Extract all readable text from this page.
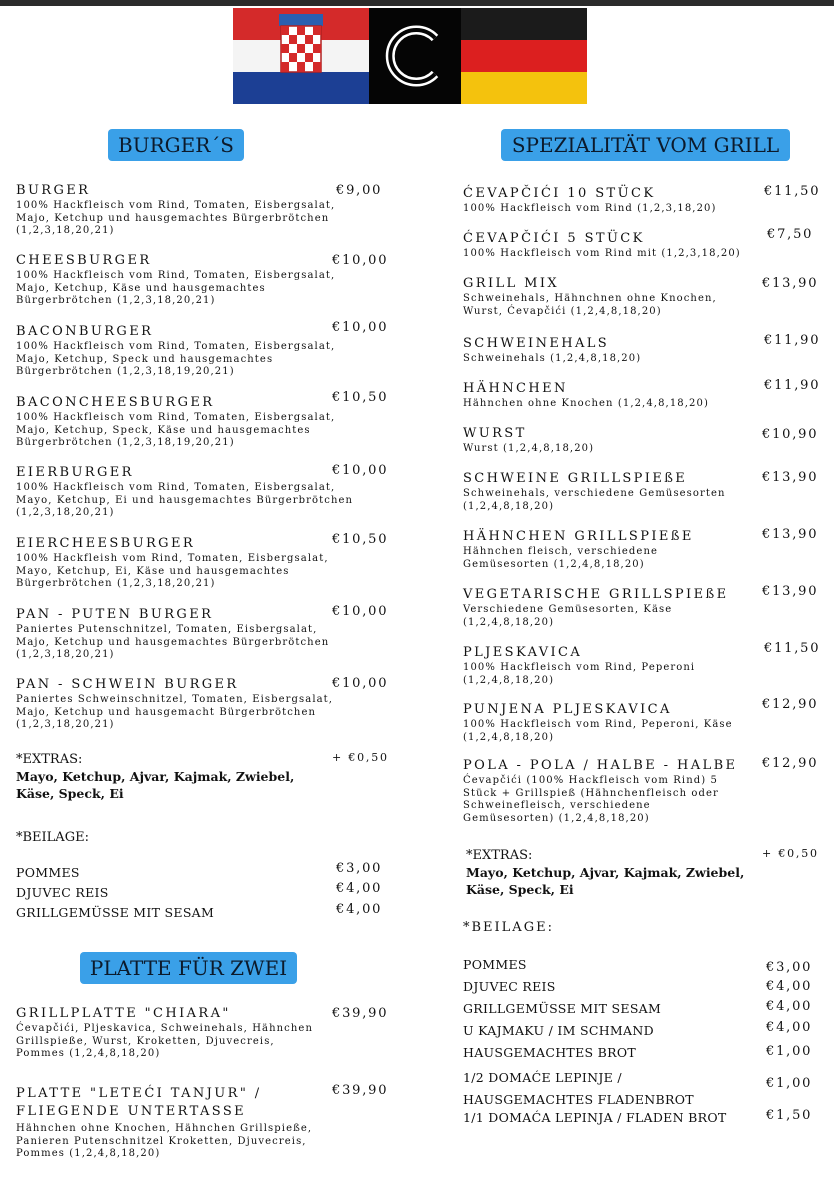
C
BURGER´S	SPEZIALITÄT VOM GRILL
PLATTE FÜR ZWEI
BURGER
100% Hackfleisch vom Rind, Tomaten, Eisbergsalat,
Majo, Ketchup und hausgemachtes Bürgerbrötchen
(1,2,3,18,20,21)
€9,00
CHEESBURGER
100% Hackfleisch vom Rind, Tomaten, Eisbergsalat,
Majo, Ketchup, Käse und hausgemachtes
Bürgerbrötchen (1,2,3,18,20,21)
€10,00
BACONBURGER
100% Hackfleisch vom Rind, Tomaten, Eisbergsalat,
Majo, Ketchup, Speck und hausgemachtes
Bürgerbrötchen (1,2,3,18,19,20,21)
€10,00
BACONCHEESBURGER
100% Hackfleisch vom Rind, Tomaten, Eisbergsalat,
Majo, Ketchup, Speck, Käse und hausgemachtes
Bürgerbrötchen (1,2,3,18,19,20,21)
€10,50
EIERBURGER
100% Hackfleisch vom Rind, Tomaten, Eisbergsalat,
Mayo, Ketchup, Ei und hausgemachtes Bürgerbrötchen
(1,2,3,18,20,21)
€10,00
EIERCHEESBURGER
100% Hackfleish vom Rind, Tomaten, Eisbergsalat,
Mayo, Ketchup, Ei, Käse und hausgemachtes
Bürgerbrötchen (1,2,3,18,20,21)
€10,50
PAN - PUTEN BURGER
Paniertes Putenschnitzel, Tomaten, Eisbergsalat,
Majo, Ketchup und hausgemachtes Bürgerbrötchen
(1,2,3,18,20,21)
€10,00
PAN - SCHWEIN BURGER
Paniertes Schweinschnitzel, Tomaten, Eisbergsalat,
Majo, Ketchup und hausgemacht Bürgerbrötchen
(1,2,3,18,20,21)
€10,00
*EXTRAS:	+ €0,50
Mayo, Ketchup, Ajvar, Kajmak, Zwiebel,
Käse, Speck, Ei
*BEILAGE:
POMMES	€3,00
DJUVEC REIS	€4,00
GRILLGEMÜSSE MIT SESAM	€4,00
GRILLPLATTE "CHIARA"
Ćevapčići, Pljeskavica, Schweinehals, Hähnchen
Grillspieße, Wurst, Kroketten, Djuvecreis,
Pommes (1,2,4,8,18,20)
€39,90
PLATTE "LETEĆI TANJUR" /
FLIEGENDE UNTERTASSE
Hähnchen ohne Knochen, Hähnchen Grillspieße,
Panieren Putenschnitzel Kroketten, Djuvecreis,
Pommes (1,2,4,8,18,20)
€39,90
ĆEVAPČIĆI 10 STÜCK
100% Hackfleisch vom Rind (1,2,3,18,20)
€11,50
ĆEVAPČIĆI 5 STÜCK
100% Hackfleisch vom Rind mit (1,2,3,18,20)
€7,50
GRILL MIX
Schweinehals, Hähnchnen ohne Knochen,
Wurst, Ćevapčići (1,2,4,8,18,20)
€13,90
SCHWEINEHALS
Schweinehals (1,2,4,8,18,20)
€11,90
HÄHNCHEN
Hähnchen ohne Knochen (1,2,4,8,18,20)
€11,90
WURST
Wurst (1,2,4,8,18,20)
€10,90
SCHWEINE GRILLSPIEßE
Schweinehals, verschiedene Gemüsesorten
(1,2,4,8,18,20)
€13,90
HÄHNCHEN GRILLSPIEßE
Hähnchen fleisch, verschiedene
Gemüsesorten (1,2,4,8,18,20)
€13,90
VEGETARISCHE GRILLSPIEßE
Verschiedene Gemüsesorten, Käse
(1,2,4,8,18,20)
€13,90
PLJESKAVICA
100% Hackfleisch vom Rind, Peperoni
(1,2,4,8,18,20)
€11,50
PUNJENA PLJESKAVICA
100% Hackfleisch vom Rind, Peperoni, Käse
(1,2,4,8,18,20)
€12,90
POLA - POLA / HALBE - HALBE
Ćevapčići (100% Hackfleisch vom Rind) 5
Stück + Grillspieß (Hähnchenfleisch oder
Schweinefleisch, verschiedene
Gemüsesorten) (1,2,4,8,18,20)
€12,90
*EXTRAS:	+ €0,50
Mayo, Ketchup, Ajvar, Kajmak, Zwiebel,
Käse, Speck, Ei
*BEILAGE:
POMMES	€3,00
DJUVEC REIS	€4,00
GRILLGEMÜSSE MIT SESAM	€4,00
U KAJMAKU / IM SCHMAND	€4,00
HAUSGEMACHTES BROT	€1,00
1/2 DOMAĆE LEPINJE /
HAUSGEMACHTES FLADENBROT
€1,00
1/1 DOMAĆA LEPINJA / FLADEN BROT	€1,50
